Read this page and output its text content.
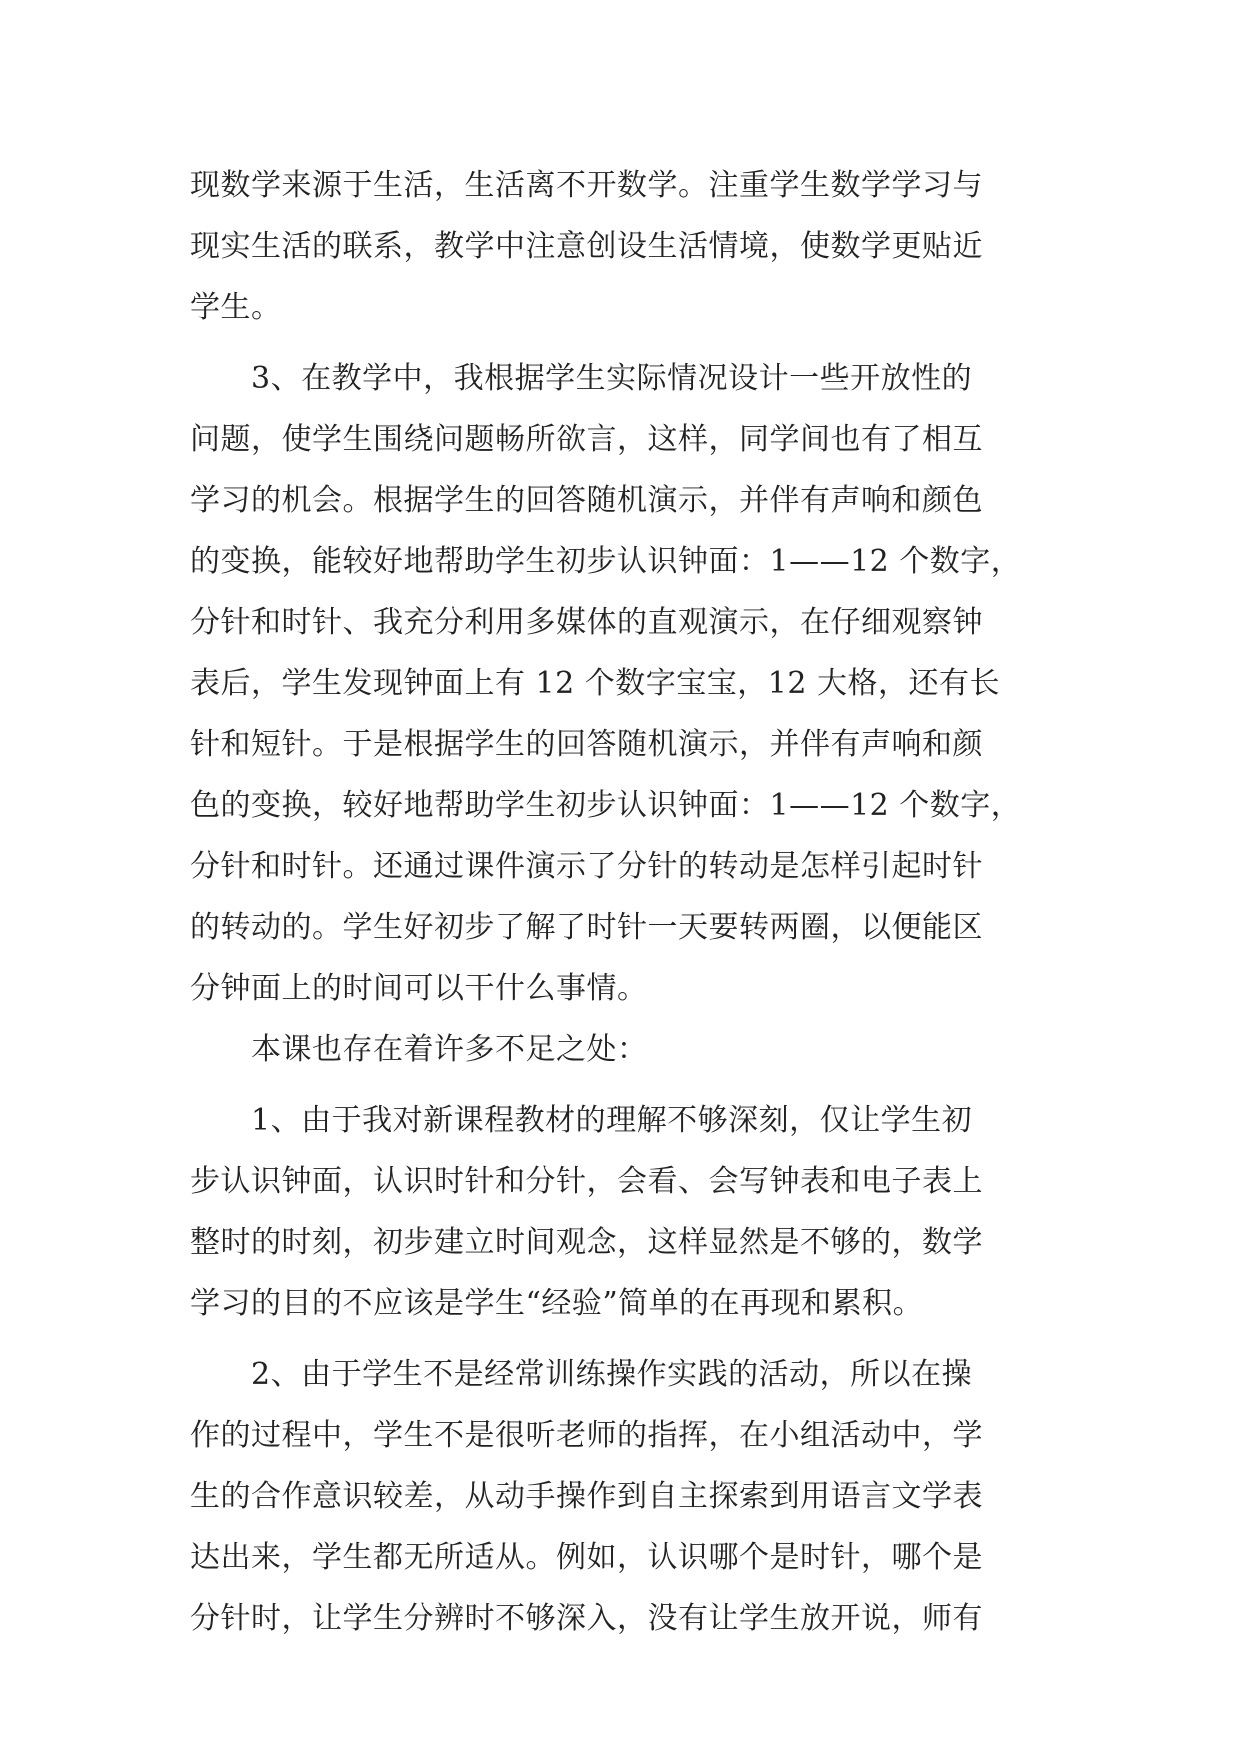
现数学来源于生活，生活离不开数学。注重学生数学学习与
现实生活的联系，教学中注意创设生活情境，使数学更贴近
学生。
　　3、在教学中，我根据学生实际情况设计一些开放性的
问题，使学生围绕问题畅所欲言，这样，同学间也有了相互
学习的机会。根据学生的回答随机演示，并伴有声响和颜色
的变换，能较好地帮助学生初步认识钟面：1——12 个数字，
分针和时针、我充分利用多媒体的直观演示，在仔细观察钟
表后，学生发现钟面上有 12 个数字宝宝，12 大格，还有长
针和短针。于是根据学生的回答随机演示，并伴有声响和颜
色的变换，较好地帮助学生初步认识钟面：1——12 个数字，
分针和时针。还通过课件演示了分针的转动是怎样引起时针
的转动的。学生好初步了解了时针一天要转两圈，以便能区
分钟面上的时间可以干什么事情。
　　本课也存在着许多不足之处：
　　1、由于我对新课程教材的理解不够深刻，仅让学生初
步认识钟面，认识时针和分针，会看、会写钟表和电子表上
整时的时刻，初步建立时间观念，这样显然是不够的，数学
学习的目的不应该是学生“经验”简单的在再现和累积。
　　2、由于学生不是经常训练操作实践的活动，所以在操
作的过程中，学生不是很听老师的指挥，在小组活动中，学
生的合作意识较差，从动手操作到自主探索到用语言文学表
达出来，学生都无所适从。例如，认识哪个是时针，哪个是
分针时，让学生分辨时不够深入，没有让学生放开说，师有
